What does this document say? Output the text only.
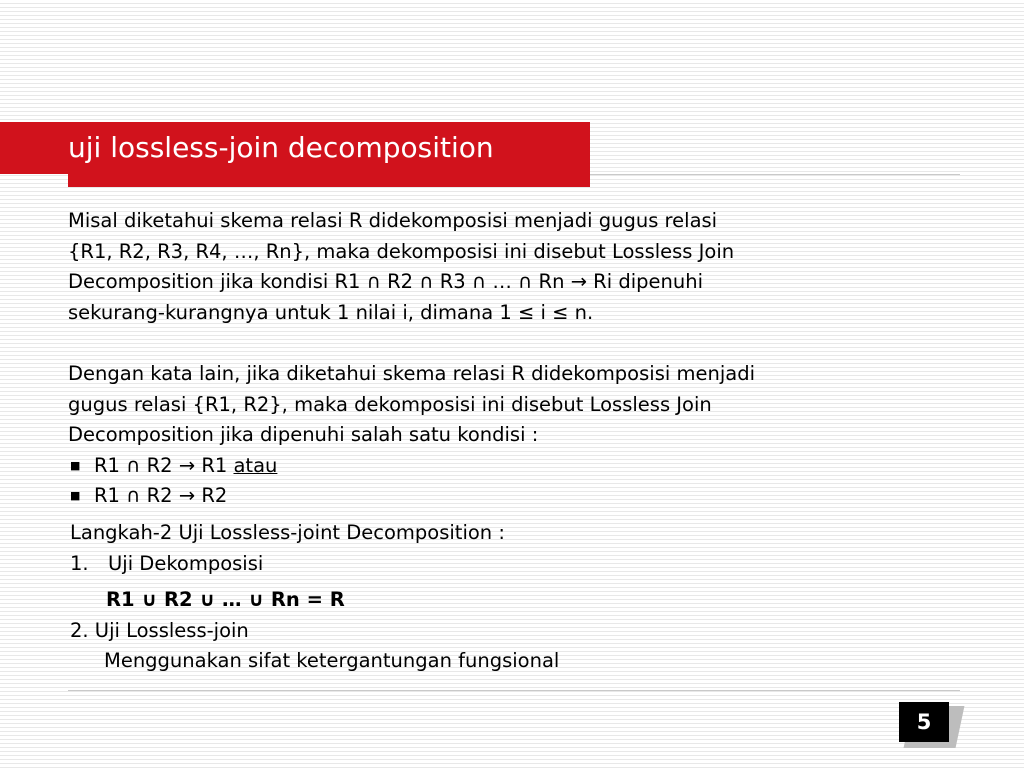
uji lossless-join decomposition
Misal diketahui skema relasi R didekomposisi menjadi gugus relasi
{R1, R2, R3, R4, …, Rn}, maka dekomposisi ini disebut Lossless Join
Decomposition jika kondisi R1 ∩ R2 ∩ R3 ∩ … ∩ Rn → Ri dipenuhi
sekurang-kurangnya untuk 1 nilai i, dimana 1 ≤ i ≤ n.
Dengan kata lain, jika diketahui skema relasi R didekomposisi menjadi
gugus relasi {R1, R2}, maka dekomposisi ini disebut Lossless Join
Decomposition jika dipenuhi salah satu kondisi :
■ R1 ∩ R2 → R1 atau
■ R1 ∩ R2 → R2
Langkah-2 Uji Lossless-joint Decomposition :
1. Uji Dekomposisi
R1 ∪ R2 ∪ … ∪ Rn = R
2. Uji Lossless-join
Menggunakan sifat ketergantungan fungsional
5
